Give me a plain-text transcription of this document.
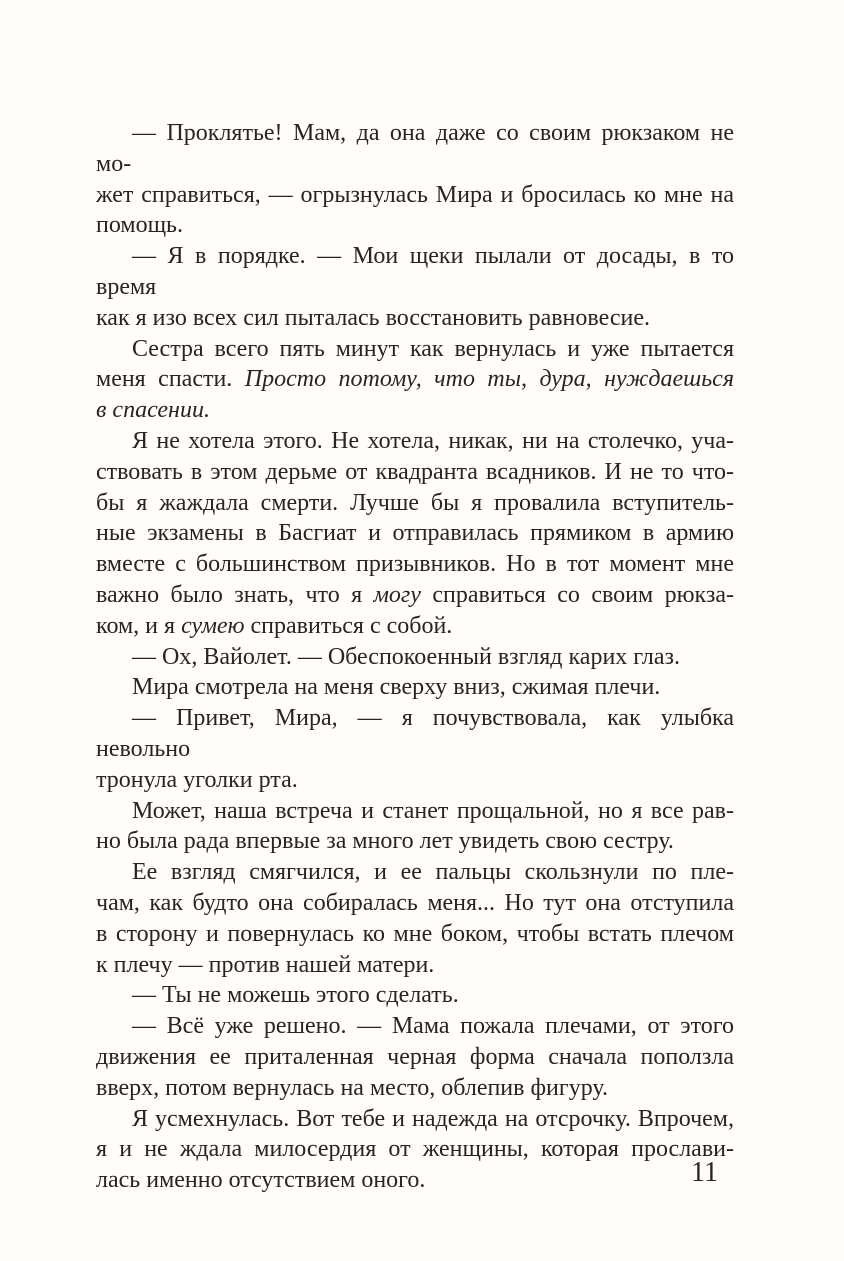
— Проклятье! Мам, да она даже со своим рюкзаком не мо-
жет справиться, — огрызнулась Мира и бросилась ко мне на
помощь.
— Я в порядке. — Мои щеки пылали от досады, в то время
как я изо всех сил пыталась восстановить равновесие.
Сестра всего пять минут как вернулась и уже пытается
меня спасти. Просто потому, что ты, дура, нуждаешься
в спасении.
Я не хотела этого. Не хотела, никак, ни на столечко, уча-
ствовать в этом дерьме от квадранта всадников. И не то что-
бы я жаждала смерти. Лучше бы я провалила вступитель-
ные экзамены в Басгиат и отправилась прямиком в армию
вместе с большинством призывников. Но в тот момент мне
важно было знать, что я могу справиться со своим рюкза-
ком, и я сумею справиться с собой.
— Ох, Вайолет. — Обеспокоенный взгляд карих глаз.
Мира смотрела на меня сверху вниз, сжимая плечи.
— Привет, Мира, — я почувствовала, как улыбка невольно
тронула уголки рта.
Может, наша встреча и станет прощальной, но я все рав-
но была рада впервые за много лет увидеть свою сестру.
Ее взгляд смягчился, и ее пальцы скользнули по пле-
чам, как будто она собиралась меня... Но тут она отступила
в сторону и повернулась ко мне боком, чтобы встать плечом
к плечу — против нашей матери.
— Ты не можешь этого сделать.
— Всё уже решено. — Мама пожала плечами, от этого
движения ее приталенная черная форма сначала поползла
вверх, потом вернулась на место, облепив фигуру.
Я усмехнулась. Вот тебе и надежда на отсрочку. Впрочем,
я и не ждала милосердия от женщины, которая прослави-
лась именно отсутствием оного.	11
